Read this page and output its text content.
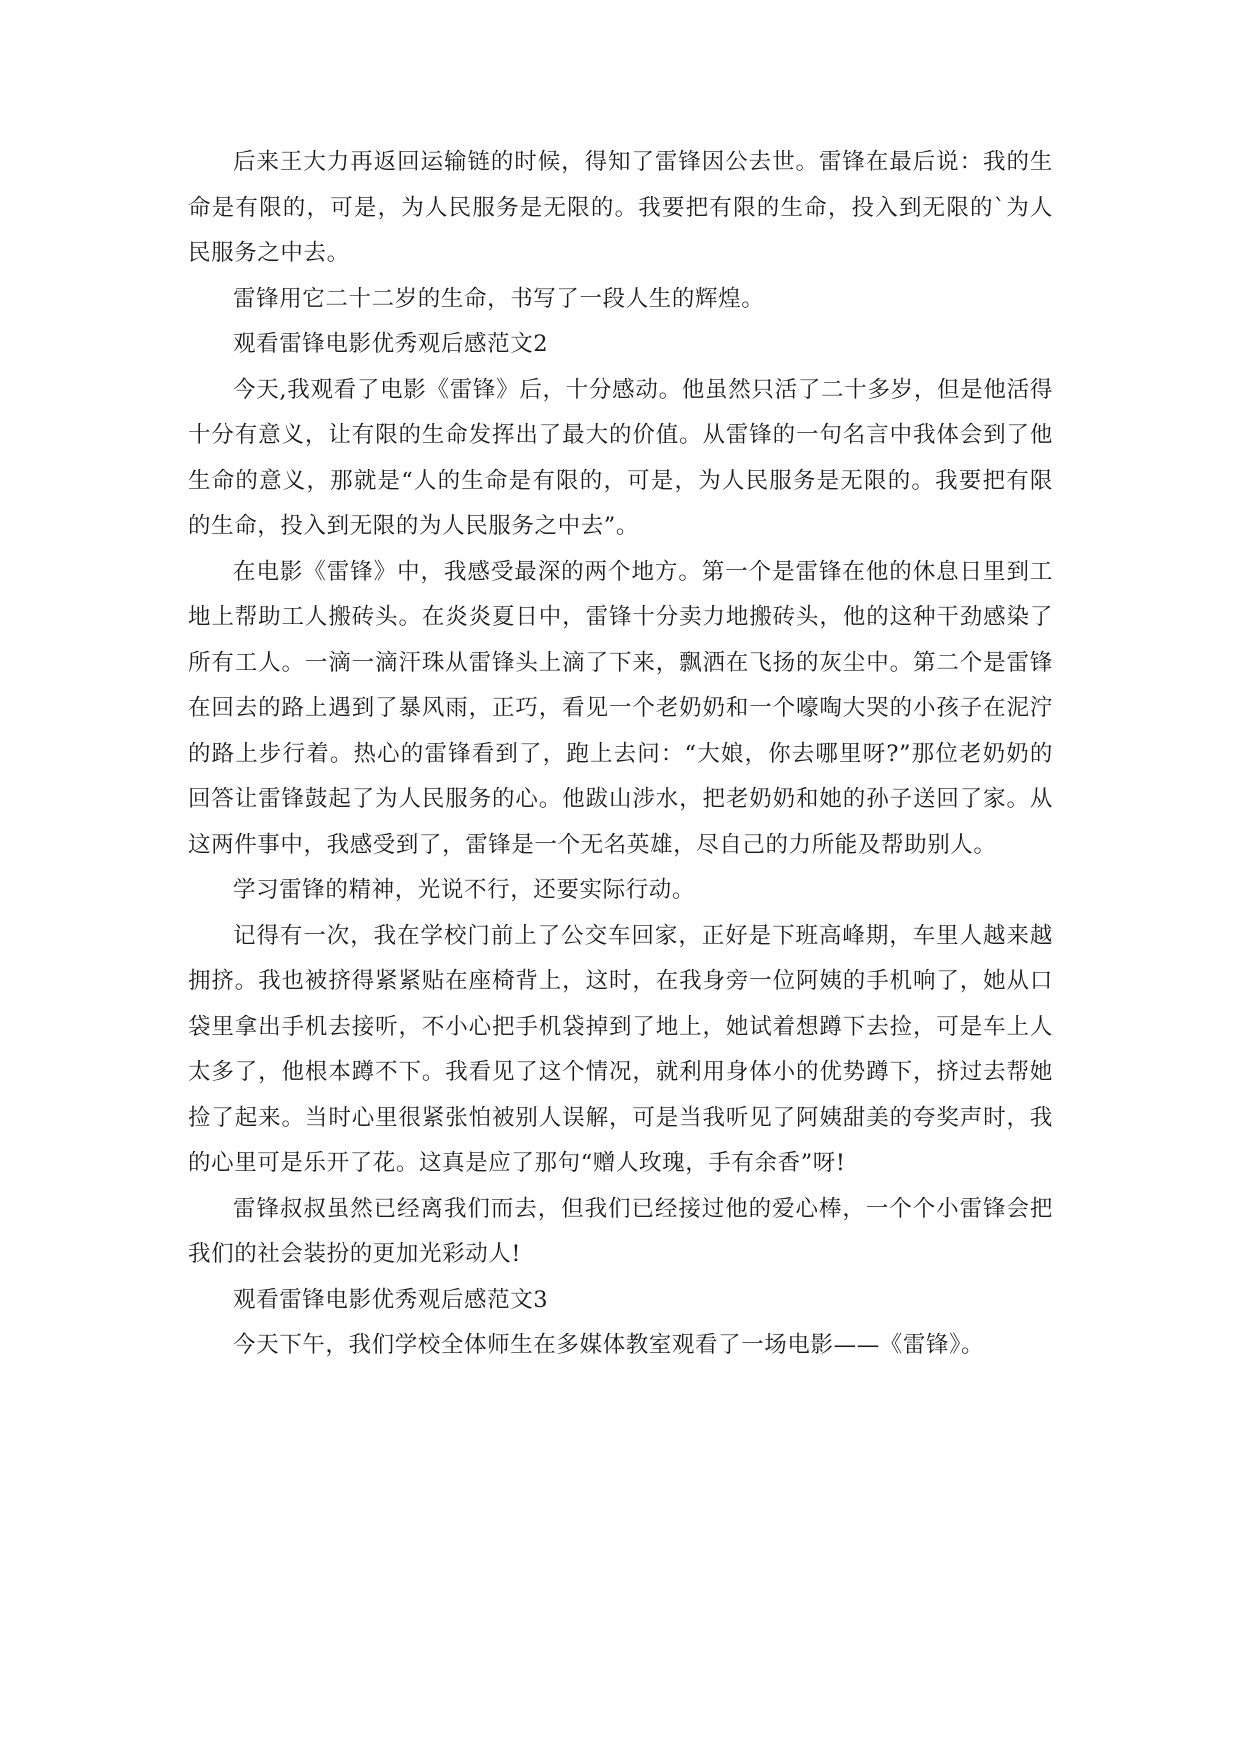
后来王大力再返回运输链的时候，得知了雷锋因公去世。雷锋在最后说：我的生命是有限的，可是，为人民服务是无限的。我要把有限的生命，投入到无限的`为人民服务之中去。

雷锋用它二十二岁的生命，书写了一段人生的辉煌。

观看雷锋电影优秀观后感范文2

今天,我观看了电影《雷锋》后，十分感动。他虽然只活了二十多岁，但是他活得十分有意义，让有限的生命发挥出了最大的价值。从雷锋的一句名言中我体会到了他生命的意义，那就是“人的生命是有限的，可是，为人民服务是无限的。我要把有限的生命，投入到无限的为人民服务之中去”。

在电影《雷锋》中，我感受最深的两个地方。第一个是雷锋在他的休息日里到工地上帮助工人搬砖头。在炎炎夏日中，雷锋十分卖力地搬砖头，他的这种干劲感染了所有工人。一滴一滴汗珠从雷锋头上滴了下来，飘洒在飞扬的灰尘中。第二个是雷锋在回去的路上遇到了暴风雨，正巧，看见一个老奶奶和一个嚎啕大哭的小孩子在泥泞的路上步行着。热心的雷锋看到了，跑上去问：“大娘，你去哪里呀?”那位老奶奶的回答让雷锋鼓起了为人民服务的心。他跋山涉水，把老奶奶和她的孙子送回了家。从这两件事中，我感受到了，雷锋是一个无名英雄，尽自己的力所能及帮助别人。

学习雷锋的精神，光说不行，还要实际行动。

记得有一次，我在学校门前上了公交车回家，正好是下班高峰期，车里人越来越拥挤。我也被挤得紧紧贴在座椅背上，这时，在我身旁一位阿姨的手机响了，她从口袋里拿出手机去接听，不小心把手机袋掉到了地上，她试着想蹲下去捡，可是车上人太多了，他根本蹲不下。我看见了这个情况，就利用身体小的优势蹲下，挤过去帮她捡了起来。当时心里很紧张怕被别人误解，可是当我听见了阿姨甜美的夸奖声时，我的心里可是乐开了花。这真是应了那句“赠人玫瑰，手有余香”呀!

雷锋叔叔虽然已经离我们而去，但我们已经接过他的爱心棒，一个个小雷锋会把我们的社会装扮的更加光彩动人!

观看雷锋电影优秀观后感范文3

今天下午，我们学校全体师生在多媒体教室观看了一场电影——《雷锋》。
